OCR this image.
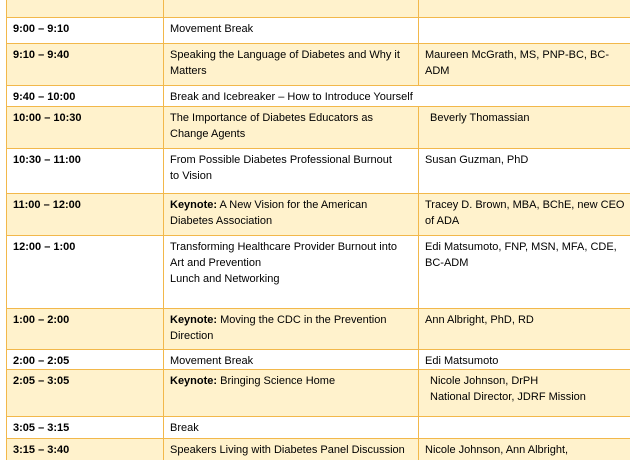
9:00 – 9:10	Movement Break	

9:10 – 9:40	Speaking the Language of Diabetes and Why it
Matters	Maureen McGrath, MS, PNP-BC, BC-
ADM

9:40 – 10:00	Break and Icebreaker – How to Introduce Yourself	

10:00 – 10:30	The Importance of Diabetes Educators as
Change Agents	Beverly Thomassian

10:30 – 11:00	From Possible Diabetes Professional Burnout
to Vision	Susan Guzman, PhD

11:00 – 12:00	Keynote: A New Vision for the American
Diabetes Association	Tracey D. Brown, MBA, BChE, new CEO
of ADA

12:00 – 1:00	Transforming Healthcare Provider Burnout into
Art and Prevention
Lunch and Networking	Edi Matsumoto, FNP, MSN, MFA, CDE,
BC-ADM

1:00 – 2:00	Keynote: Moving the CDC in the Prevention
Direction	Ann Albright, PhD, RD

2:00 – 2:05	Movement Break	Edi Matsumoto

2:05 – 3:05	Keynote: Bringing Science Home	Nicole Johnson, DrPH
National Director, JDRF Mission

3:05 – 3:15	Break	

3:15 – 3:40	Speakers Living with Diabetes Panel Discussion	Nicole Johnson, Ann Albright,
